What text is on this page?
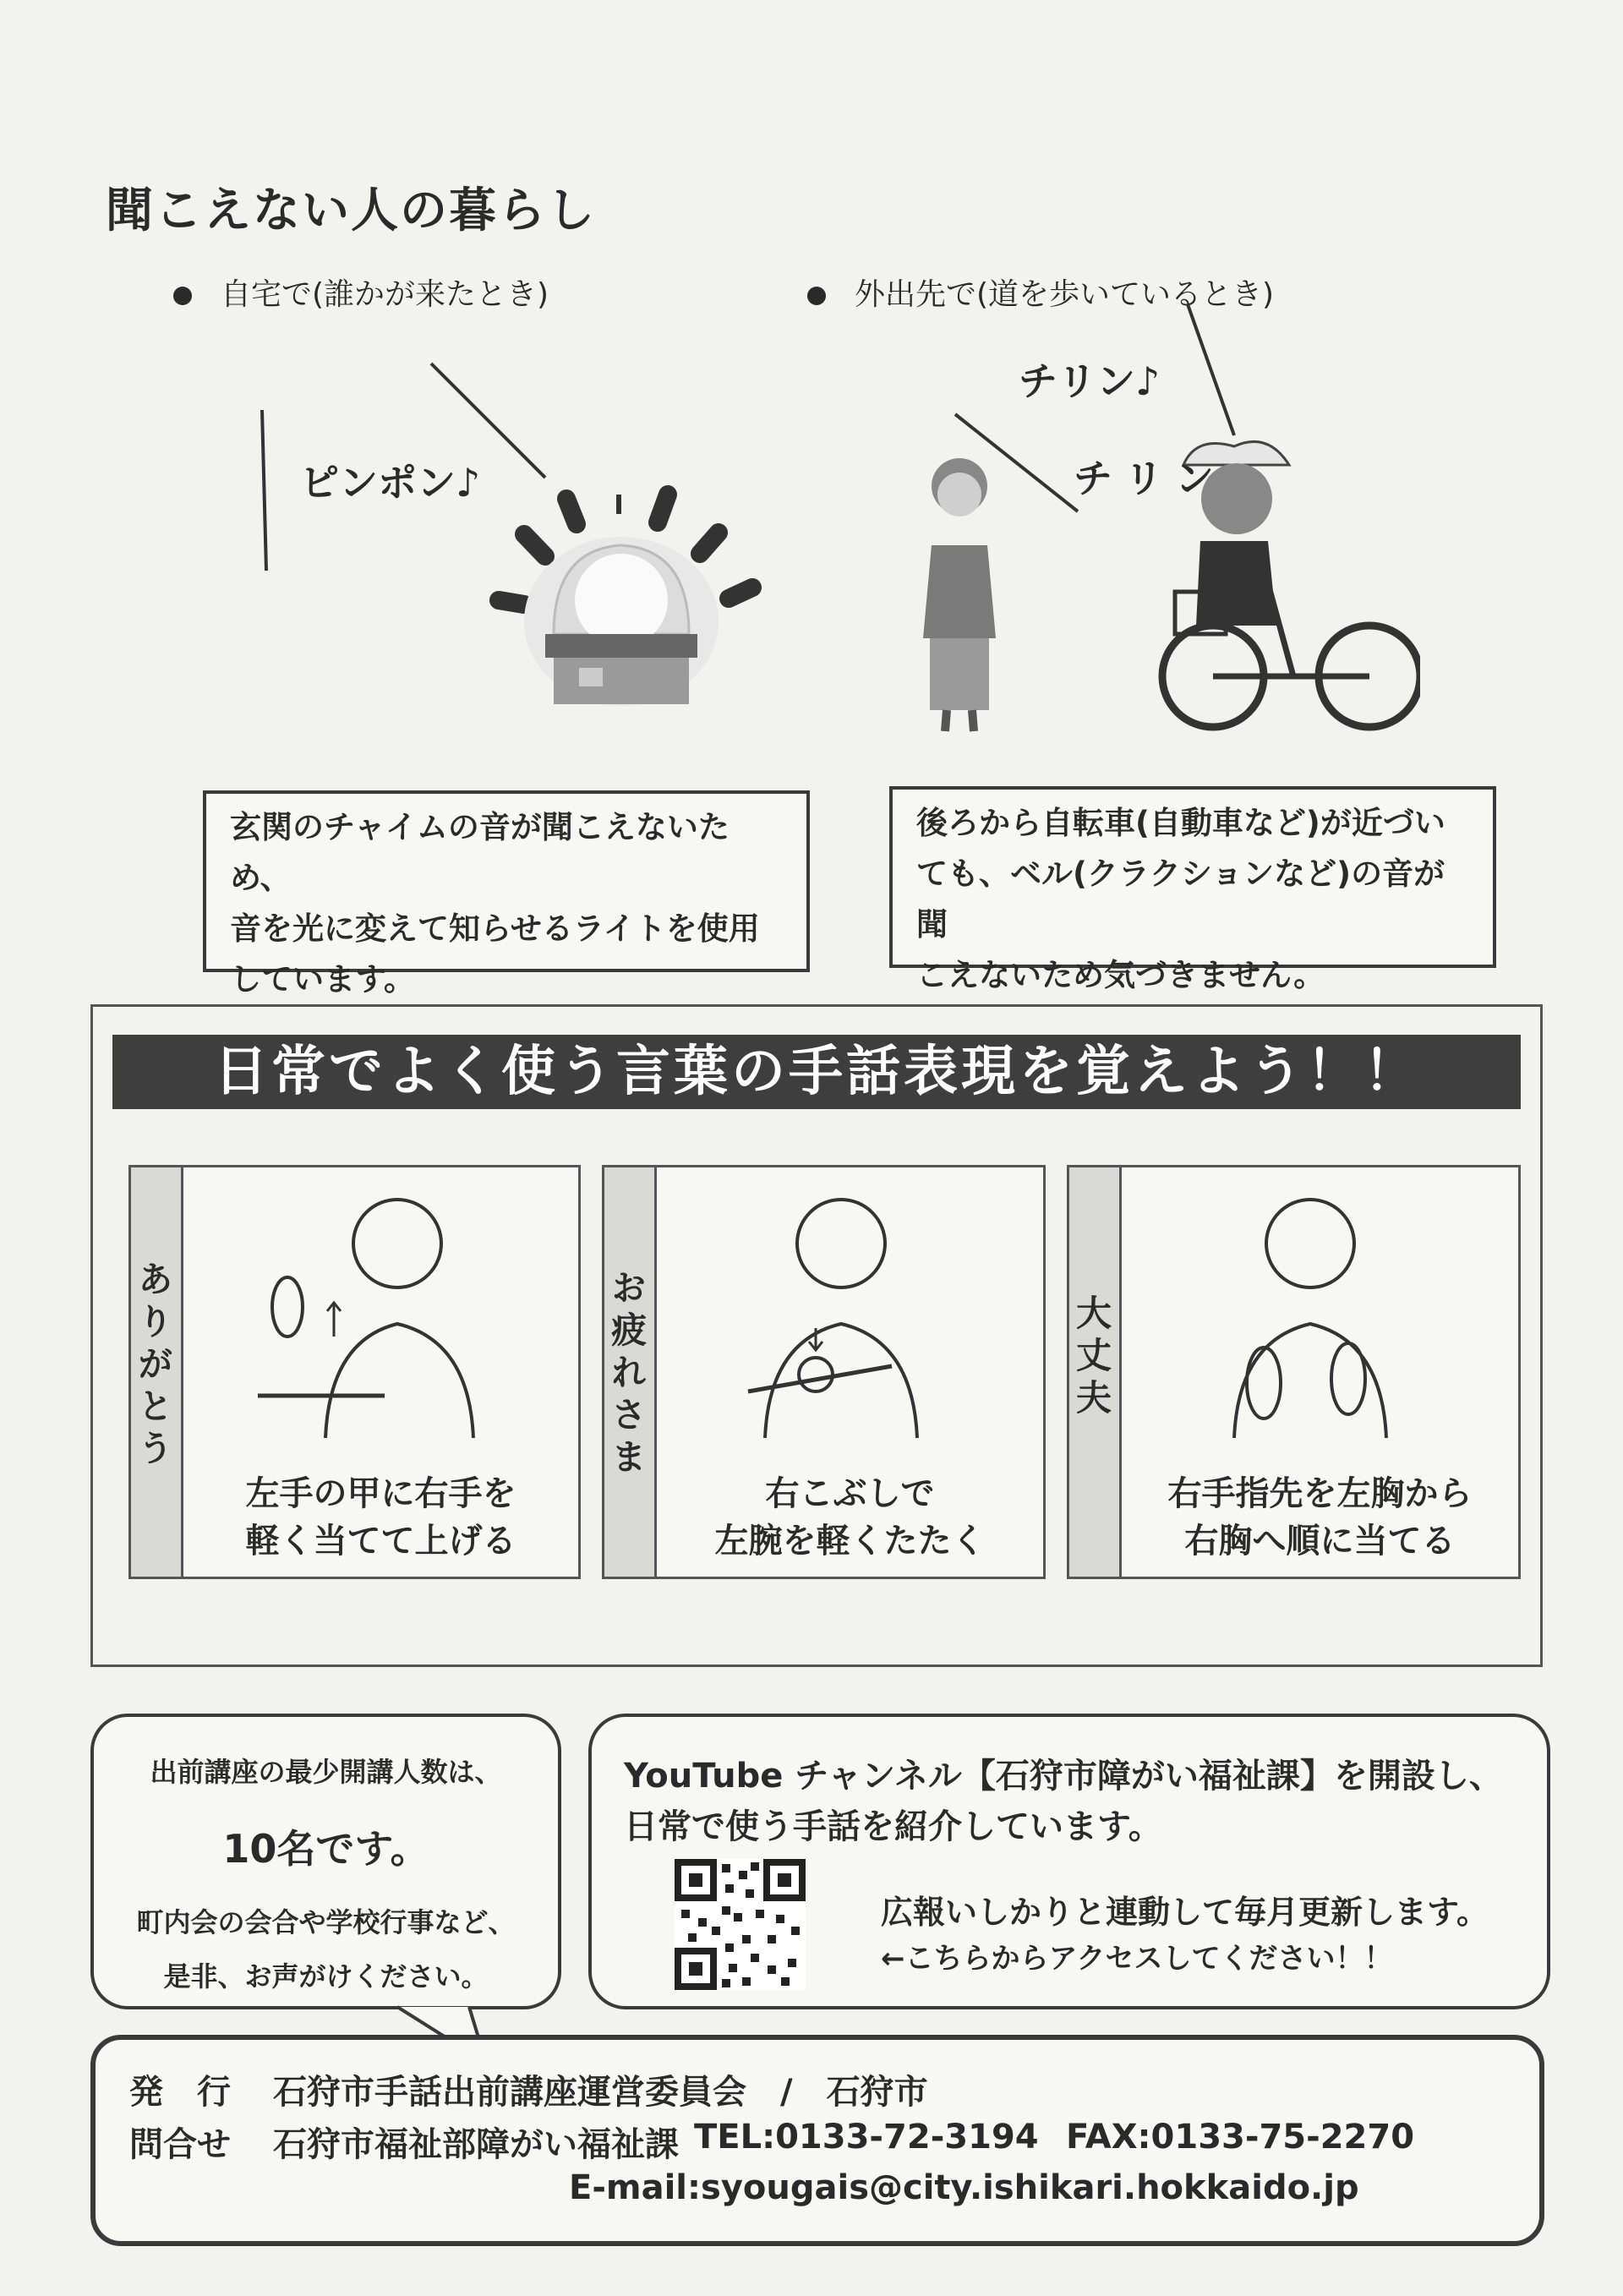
聞こえない人の暮らし
自宅で(誰かが来たとき)	外出先で(道を歩いているとき)
ピンポン♪
チリン♪
チリン
玄関のチャイムの音が聞こえないため、
音を光に変えて知らせるライトを使用
しています。
後ろから自転車(自動車など)が近づい
ても、ベル(クラクションなど)の音が聞
こえないため気づきません。
日常でよく使う言葉の手話表現を覚えよう！！
ありがとう
左手の甲に右手を
軽く当てて上げる
お疲れさま
右こぶしで
左腕を軽くたたく
大丈夫
右手指先を左胸から
右胸へ順に当てる
出前講座の最少開講人数は、
10名です。
町内会の会合や学校行事など、
是非、お声がけください。
YouTube チャンネル【石狩市障がい福祉課】を開設し、
日常で使う手話を紹介しています。
広報いしかりと連動して毎月更新します。
←こちらからアクセスしてください！！
発　行 石狩市手話出前講座運営委員会　/　石狩市
問合せ 石狩市福祉部障がい福祉課 TEL:0133-72-3194 FAX:0133-75-2270
E-mail:syougais@city.ishikari.hokkaido.jp
